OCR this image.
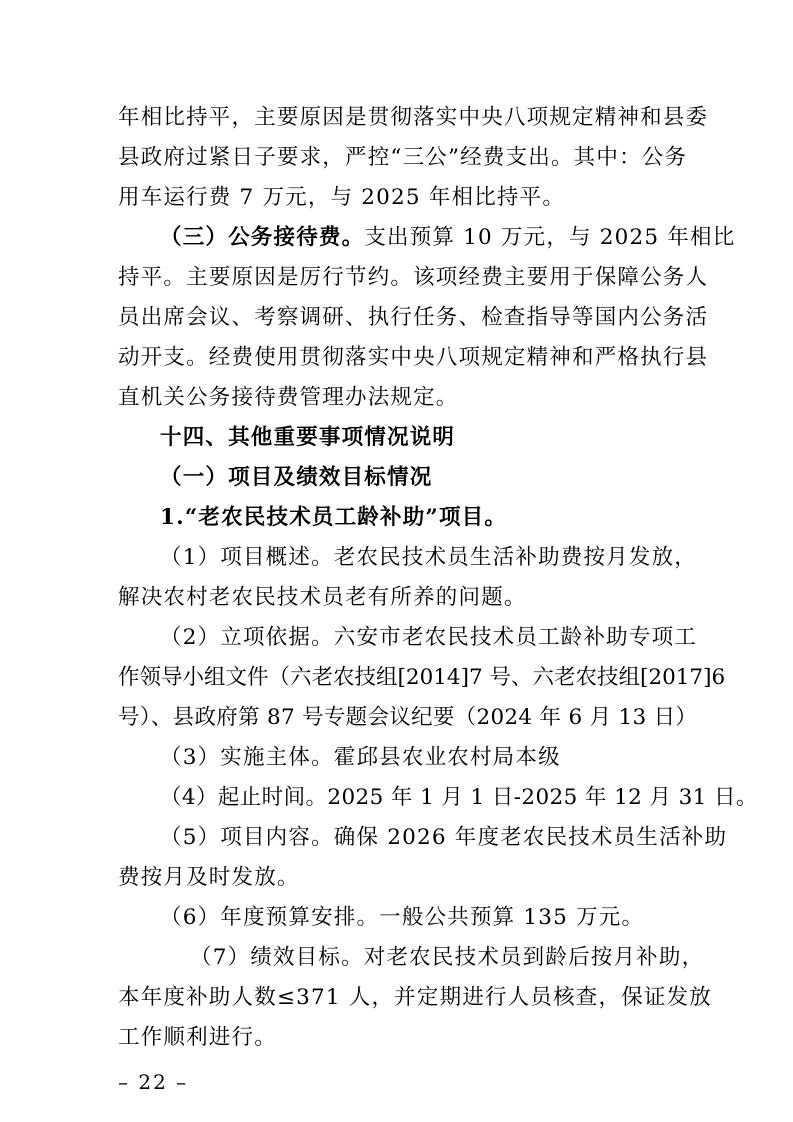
年相比持平，主要原因是贯彻落实中央八项规定精神和县委
县政府过紧日子要求，严控“三公”经费支出。其中：公务
用车运行费 7 万元，与 2025 年相比持平。
（三）公务接待费。支出预算 10 万元，与 2025 年相比
持平。主要原因是厉行节约。该项经费主要用于保障公务人
员出席会议、考察调研、执行任务、检查指导等国内公务活
动开支。经费使用贯彻落实中央八项规定精神和严格执行县
直机关公务接待费管理办法规定。
十四、其他重要事项情况说明
（一）项目及绩效目标情况
1.“老农民技术员工龄补助”项目。
（1）项目概述。老农民技术员生活补助费按月发放，
解决农村老农民技术员老有所养的问题。
（2）立项依据。六安市老农民技术员工龄补助专项工
作领导小组文件（六老农技组[2014]7 号、六老农技组[2017]6
号）、县政府第 87 号专题会议纪要（2024 年 6 月 13 日）
（3）实施主体。霍邱县农业农村局本级
（4）起止时间。2025 年 1 月 1 日-2025 年 12 月 31 日。
（5）项目内容。确保 2026 年度老农民技术员生活补助
费按月及时发放。
（6）年度预算安排。一般公共预算 135 万元。
（7）绩效目标。对老农民技术员到龄后按月补助，
本年度补助人数≤371 人，并定期进行人员核查，保证发放
工作顺利进行。
– 22 –
